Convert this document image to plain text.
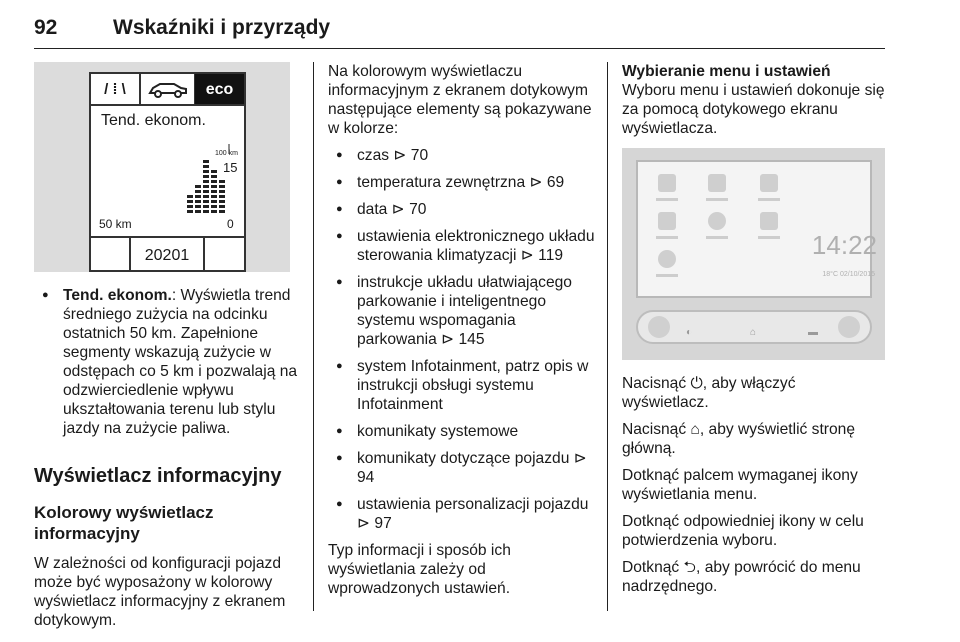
92	Wskaźniki i przyrządy
/ ⁞ \	eco
Tend. ekonom.
100 km
15
50 km	0
20201

● Tend. ekonom.: Wyświetla trend średniego zużycia na odcinku ostatnich 50 km. Zapełnione segmenty wskazują zużycie w odstępach co 5 km i pozwalają na odzwierciedlenie wpływu ukształtowania terenu lub stylu jazdy na zużycie paliwa.

Wyświetlacz informacyjny
Kolorowy wyświetlacz informacyjny

W zależności od konfiguracji pojazd może być wyposażony w kolorowy wyświetlacz informacyjny z ekranem dotykowym.

Na kolorowym wyświetlaczu informacyjnym z ekranem dotykowym następujące elementy są pokazywane w kolorze:

● czas ⊳ 70

● temperatura zewnętrzna ⊳ 69

● data ⊳ 70

● ustawienia elektronicznego układu sterowania klimatyzacji ⊳ 119

● instrukcje układu ułatwiającego parkowanie i inteligentnego systemu wspomagania parkowania ⊳ 145

● system Infotainment, patrz opis w instrukcji obsługi systemu Infotainment

● komunikaty systemowe

● komunikaty dotyczące pojazdu ⊳ 94

● ustawienia personalizacji pojazdu ⊳ 97

Typ informacji i sposób ich wyświetlania zależy od wprowadzonych ustawień.

Wybieranie menu i ustawień

Wyboru menu i ustawień dokonuje się za pomocą dotykowego ekranu wyświetlacza.

14:22
18°C 02/10/2015
◐	⌂	▬

Nacisnąć ⏻, aby włączyć wyświetlacz.

Nacisnąć ⌂, aby wyświetlić stronę główną.

Dotknąć palcem wymaganej ikony wyświetlania menu.

Dotknąć odpowiedniej ikony w celu potwierdzenia wyboru.

Dotknąć ⮌, aby powrócić do menu nadrzędnego.
